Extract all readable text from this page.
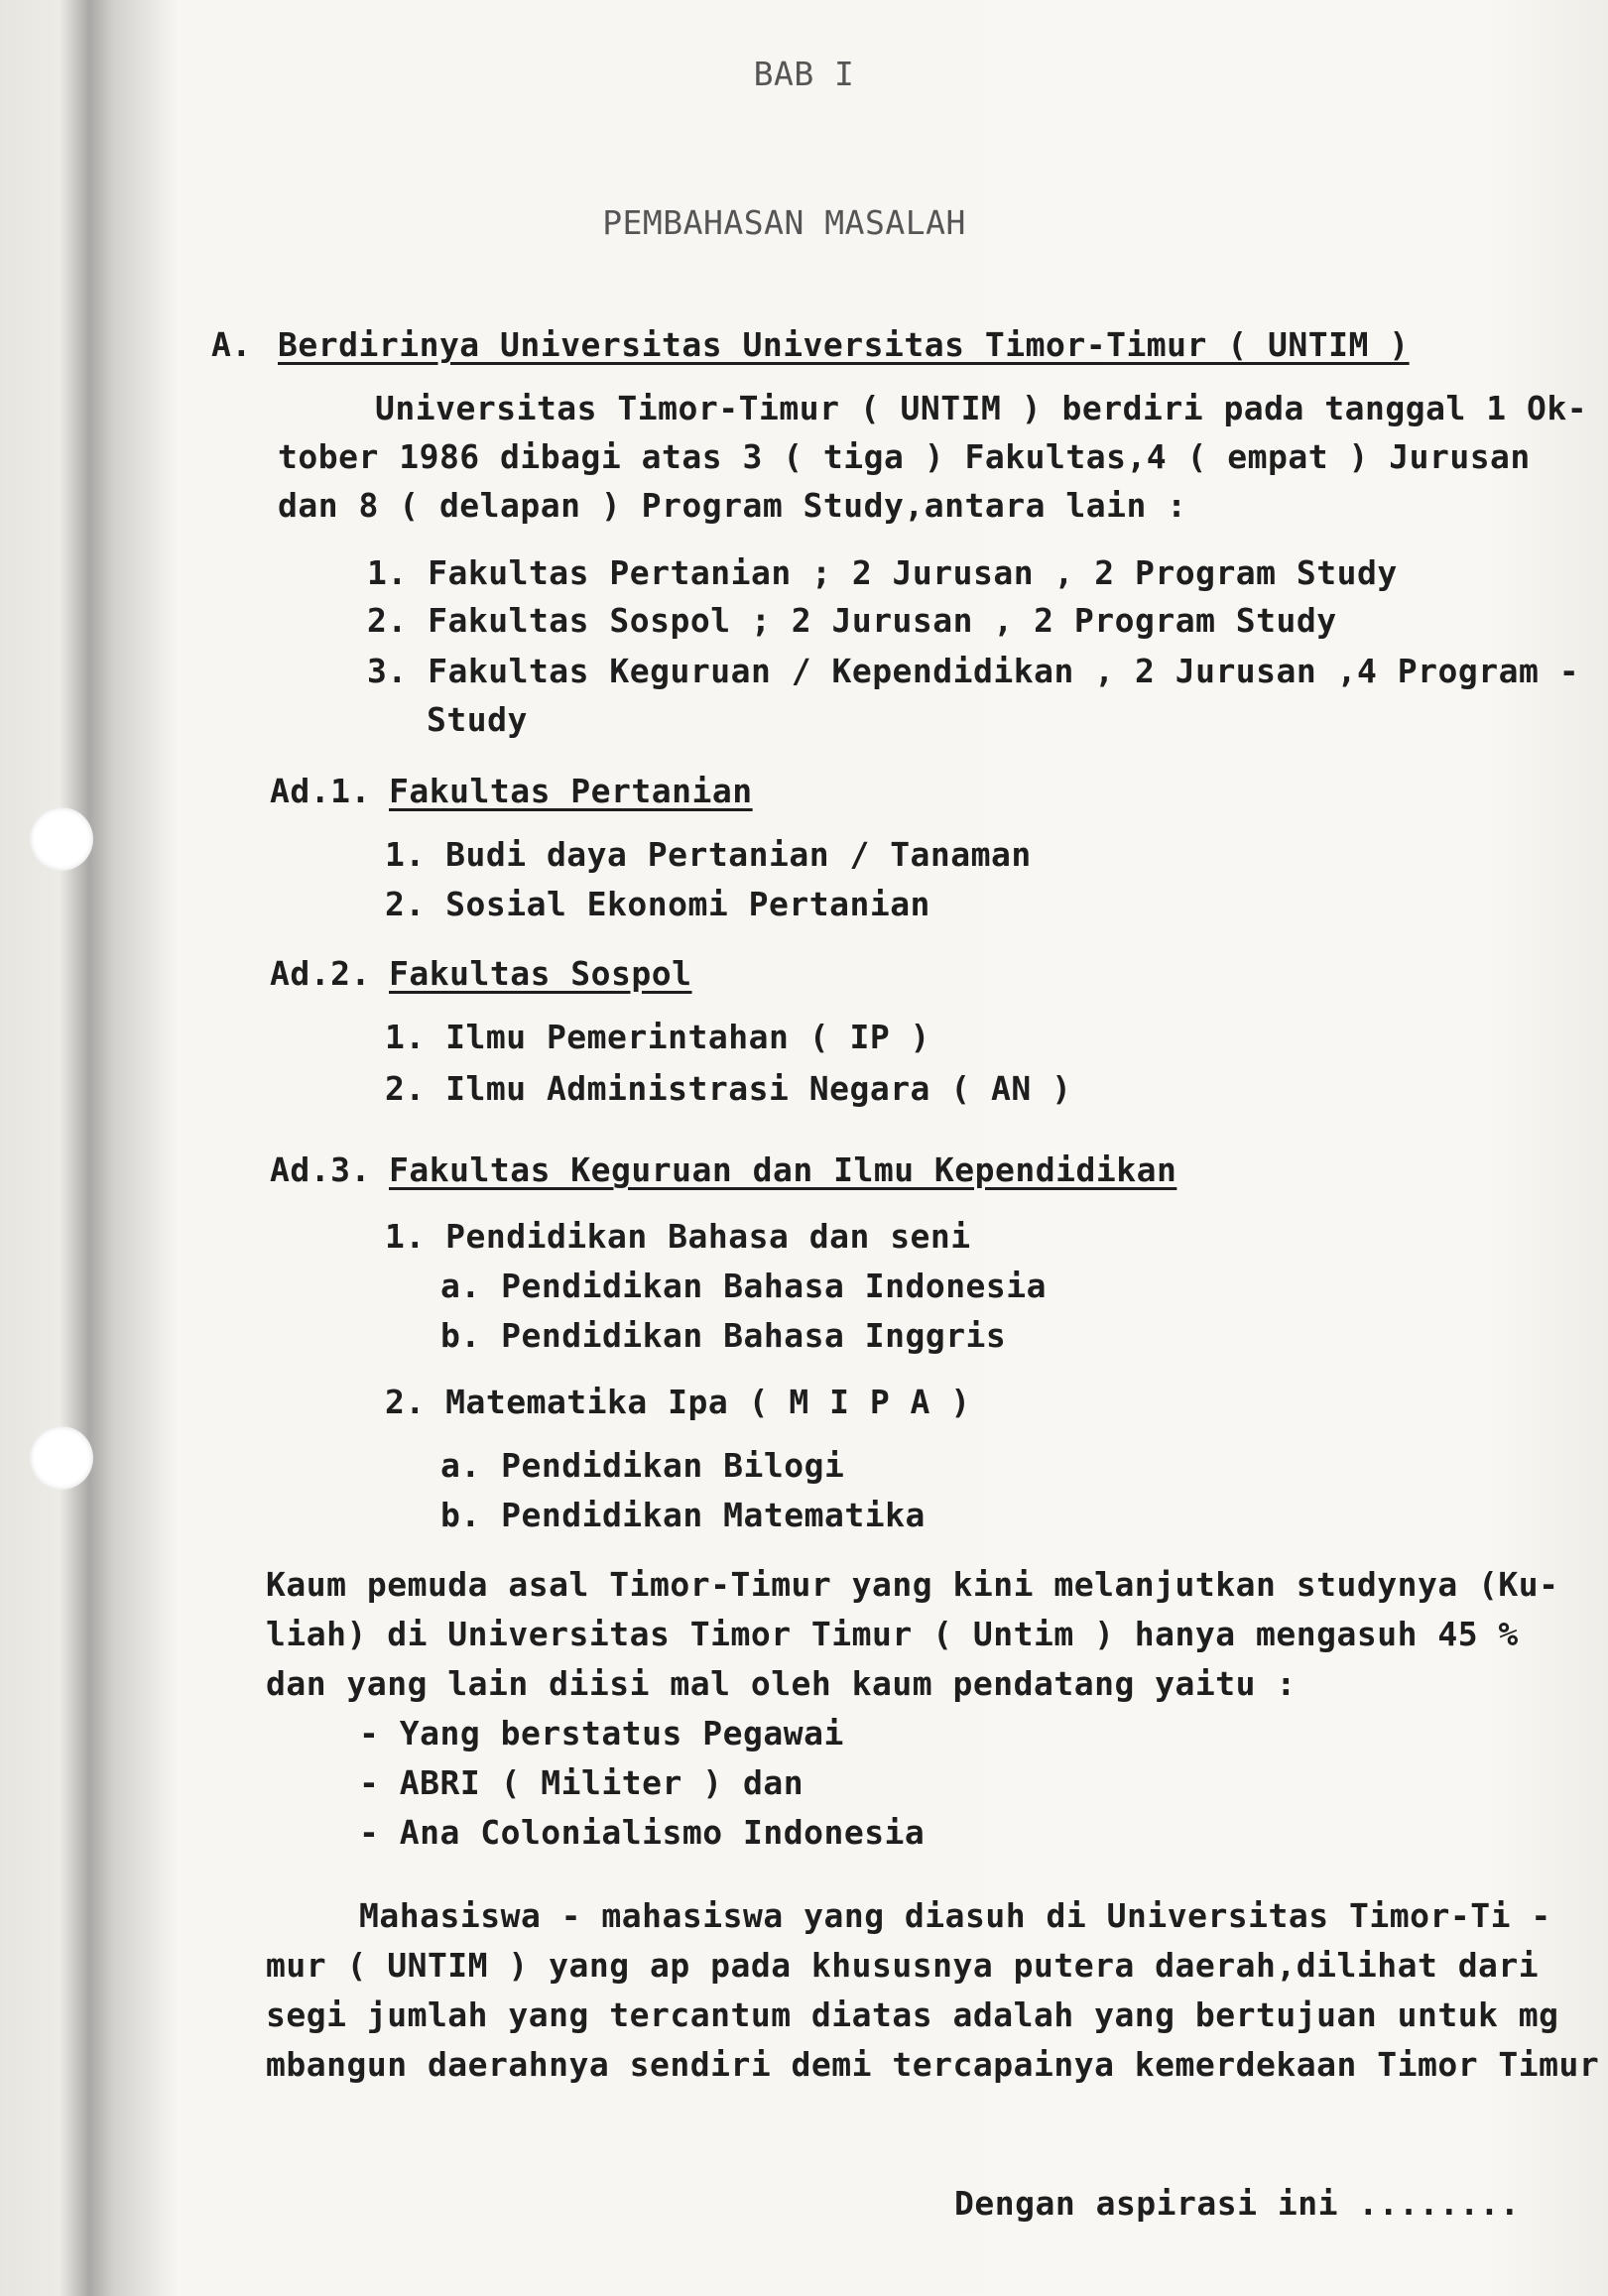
BAB I
PEMBAHASAN MASALAH
A. Berdirinya Universitas Universitas Timor-Timur ( UNTIM )
Universitas Timor-Timur ( UNTIM ) berdiri pada tanggal 1 Ok-
tober 1986 dibagi atas 3 ( tiga ) Fakultas,4 ( empat ) Jurusan
dan 8 ( delapan ) Program Study,antara lain :
1. Fakultas Pertanian ; 2 Jurusan , 2 Program Study
2. Fakultas Sospol ; 2 Jurusan , 2 Program Study
3. Fakultas Keguruan / Kependidikan , 2 Jurusan ,4 Program -
Study
Ad.1. Fakultas Pertanian
1. Budi daya Pertanian / Tanaman
2. Sosial Ekonomi Pertanian
Ad.2. Fakultas Sospol
1. Ilmu Pemerintahan ( IP )
2. Ilmu Administrasi Negara ( AN )
Ad.3. Fakultas Keguruan dan Ilmu Kependidikan
1. Pendidikan Bahasa dan seni
a. Pendidikan Bahasa Indonesia
b. Pendidikan Bahasa Inggris
2. Matematika Ipa ( M I P A )
a. Pendidikan Bilogi
b. Pendidikan Matematika
Kaum pemuda asal Timor-Timur yang kini melanjutkan studynya (Ku-
liah) di Universitas Timor Timur ( Untim ) hanya mengasuh 45 %
dan yang lain diisi mal oleh kaum pendatang yaitu :
- Yang berstatus Pegawai
- ABRI ( Militer ) dan
- Ana Colonialismo Indonesia
Mahasiswa - mahasiswa yang diasuh di Universitas Timor-Ti -
mur ( UNTIM ) yang ap pada khususnya putera daerah,dilihat dari
segi jumlah yang tercantum diatas adalah yang bertujuan untuk mg
mbangun daerahnya sendiri demi tercapainya kemerdekaan Timor Timur
Dengan aspirasi ini ........
